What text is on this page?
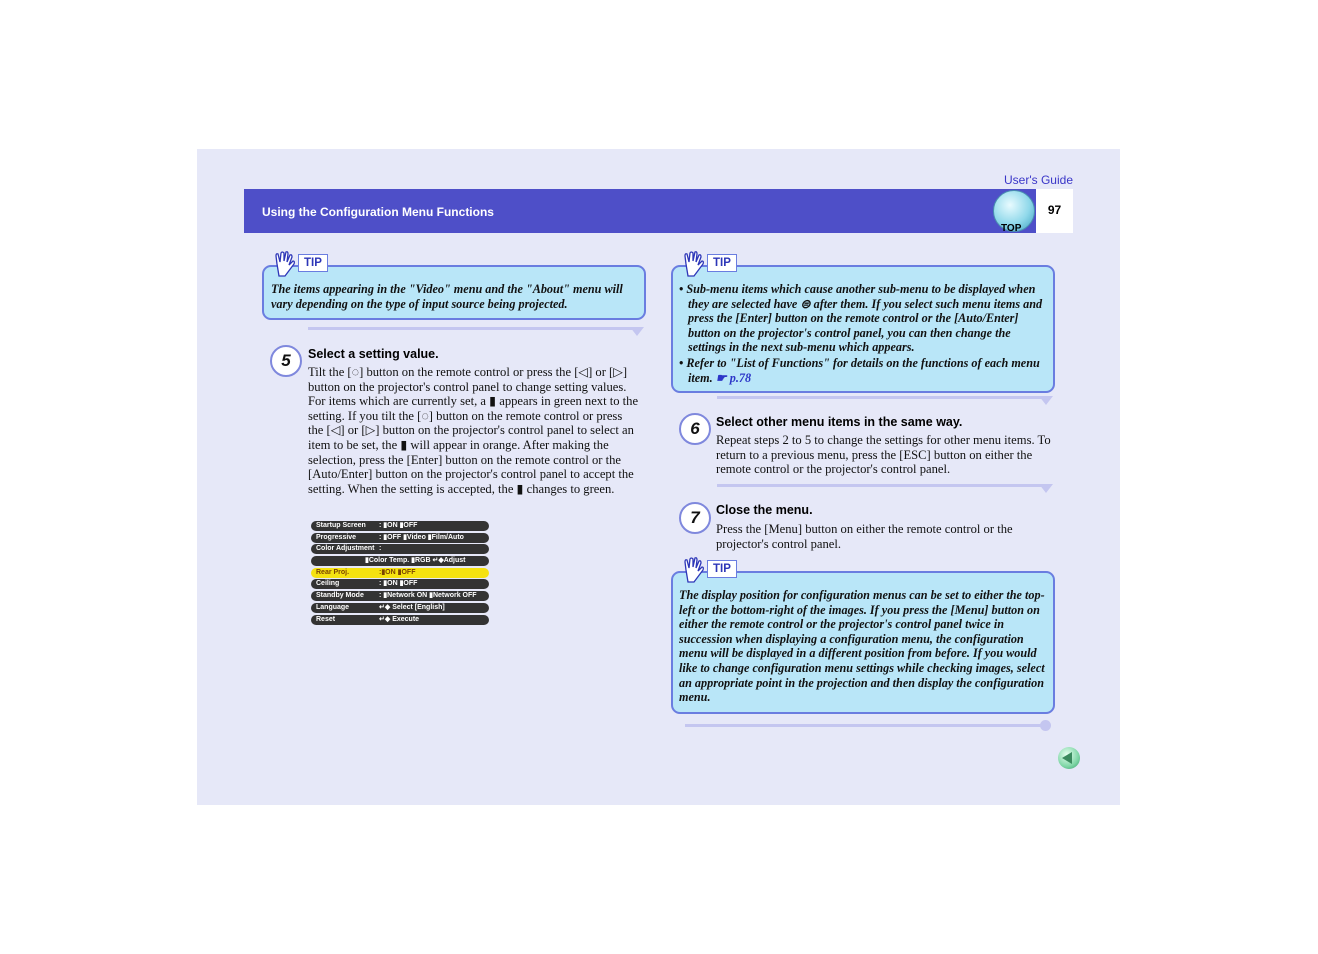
User's Guide
Using the Configuration Menu Functions
TOP
97

The items appearing in the "Video" menu and the "About" menu will vary depending on the type of input source being projected.

TIP
5	Select a setting value.

Tilt the [◌] button on the remote control or press the [◁] or [▷] button on the projector's control panel to change setting values. For items which are currently set, a ▮ appears in green next to the setting. If you tilt the [◌] button on the remote control or press the [◁] or [▷] button on the projector's control panel to select an item to be set, the ▮ will appear in orange. After making the selection, press the [Enter] button on the remote control or the [Auto/Enter] button on the projector's control panel to accept the setting. When the setting is accepted, the ▮ changes to green.

Startup Screen : ▮ON ▮OFF
Progressive	: ▮OFF ▮Video ▮Film/Auto
Color Adjustment :
▮Color Temp. ▮RGB ↵◆Adjust
Rear Proj.	:▮ON ▮OFF
Ceiling	: ▮ON ▮OFF
Standby Mode : ▮Network ON ▮Network OFF
Language	↵◆ Select [English]
Reset	↵◆ Execute

• Sub-menu items which cause another sub-menu to be displayed when they are selected have ⊜ after them. If you select such menu items and press the [Enter] button on the remote control or the [Auto/Enter] button on the projector's control panel, you can then change the settings in the next sub-menu which appears.

• Refer to "List of Functions" for details on the functions of each menu item. ☛ p.78

TIP
6	Select other menu items in the same way.

Repeat steps 2 to 5 to change the settings for other menu items. To return to a previous menu, press the [ESC] button on either the remote control or the projector's control panel.

7	Close the menu.

Press the [Menu] button on either the remote control or the projector's control panel.

The display position for configuration menus can be set to either the top-left or the bottom-right of the images. If you press the [Menu] button on either the remote control or the projector's control panel twice in succession when displaying a configuration menu, the configuration menu will be displayed in a different position from before. If you would like to change configuration menu settings while checking images, select an appropriate point in the projection and then display the configuration menu.

TIP
